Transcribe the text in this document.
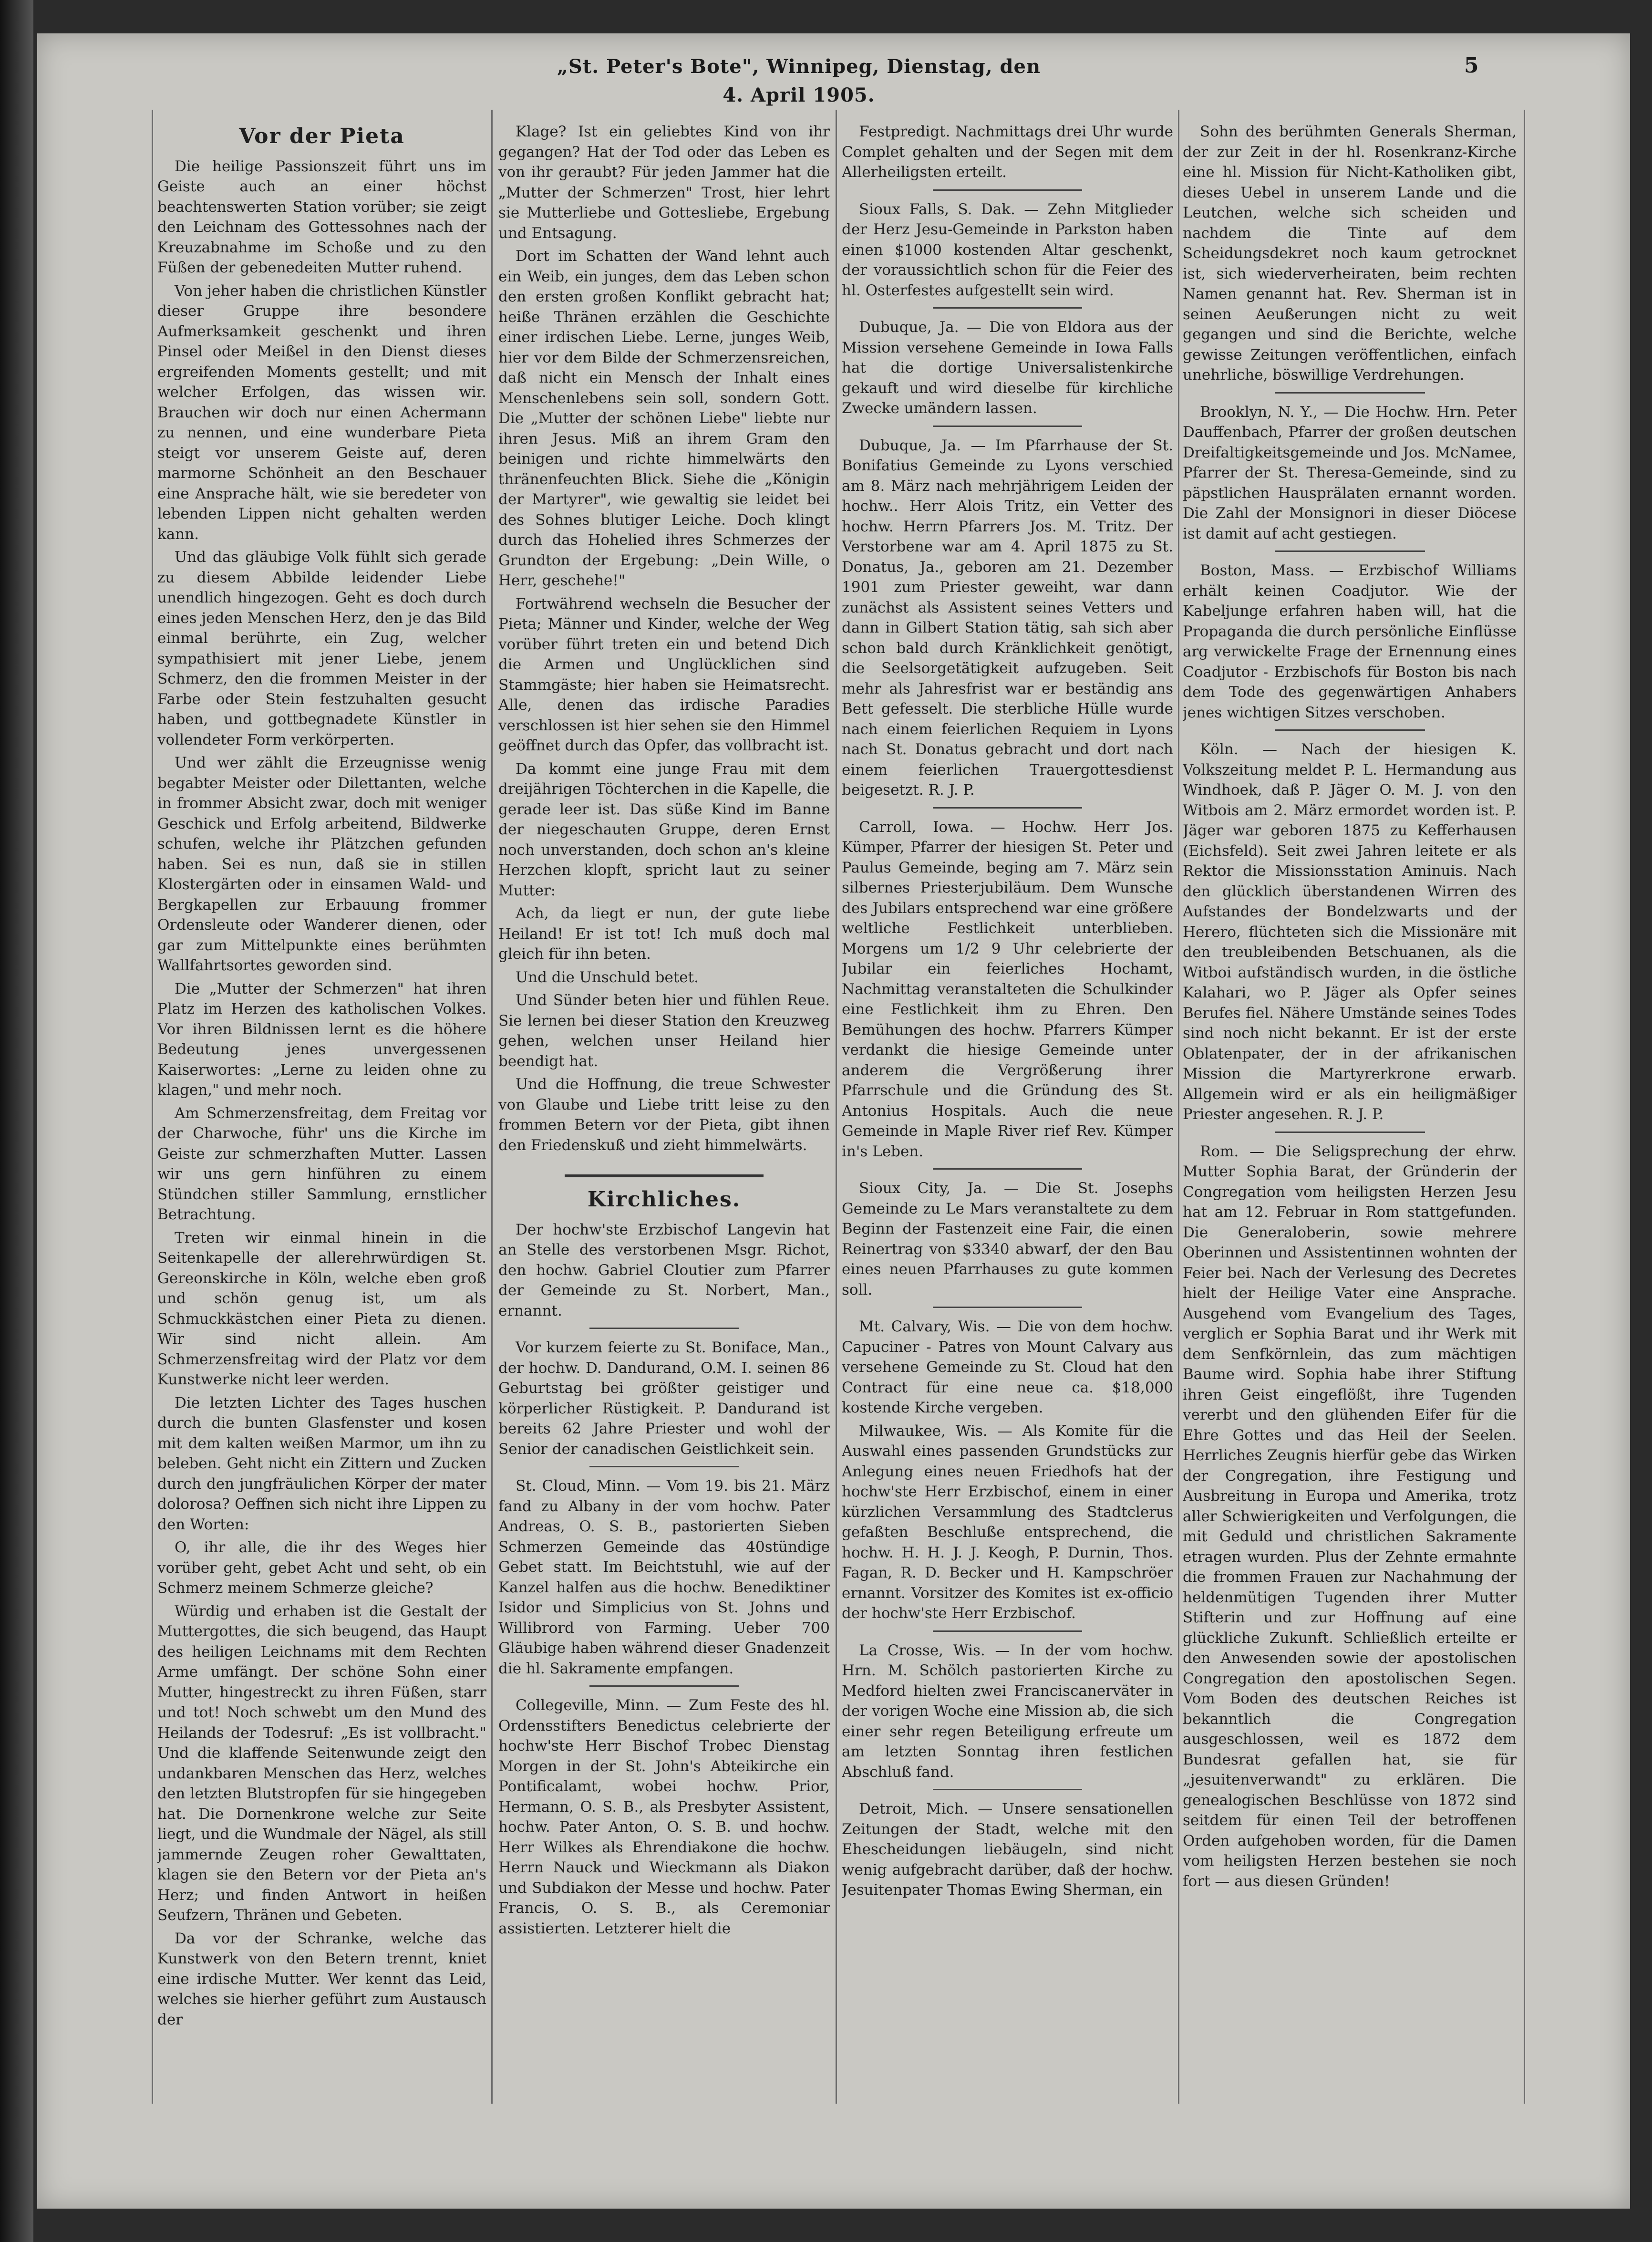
„St. Peter's Bote", Winnipeg, Dienstag, den 4. April 1905.
5
Vor der Pieta

Die heilige Passionszeit führt uns im Geiste auch an einer höchst beachtenswerten Station vorüber; sie zeigt den Leichnam des Gottessohnes nach der Kreuzabnahme im Schoße und zu den Füßen der gebenedeiten Mutter ruhend.

Von jeher haben die christlichen Künstler dieser Gruppe ihre besondere Aufmerksamkeit geschenkt und ihren Pinsel oder Meißel in den Dienst dieses ergreifenden Moments gestellt; und mit welcher Erfolgen, das wissen wir. Brauchen wir doch nur einen Achermann zu nennen, und eine wunderbare Pieta steigt vor unserem Geiste auf, deren marmorne Schönheit an den Beschauer eine Ansprache hält, wie sie beredeter von lebenden Lippen nicht gehalten werden kann.

Und das gläubige Volk fühlt sich gerade zu diesem Abbilde leidender Liebe unendlich hingezogen. Geht es doch durch eines jeden Menschen Herz, den je das Bild einmal berührte, ein Zug, welcher sympathisiert mit jener Liebe, jenem Schmerz, den die frommen Meister in der Farbe oder Stein festzuhalten gesucht haben, und gottbegnadete Künstler in vollendeter Form verkörperten.

Und wer zählt die Erzeugnisse wenig begabter Meister oder Dilettanten, welche in frommer Absicht zwar, doch mit weniger Geschick und Erfolg arbeitend, Bildwerke schufen, welche ihr Plätzchen gefunden haben. Sei es nun, daß sie in stillen Klostergärten oder in einsamen Wald- und Bergkapellen zur Erbauung frommer Ordensleute oder Wanderer dienen, oder gar zum Mittelpunkte eines berühmten Wallfahrtsortes geworden sind.

Die „Mutter der Schmerzen" hat ihren Platz im Herzen des katholischen Volkes. Vor ihren Bildnissen lernt es die höhere Bedeutung jenes unvergessenen Kaiserwortes: „Lerne zu leiden ohne zu klagen," und mehr noch.

Am Schmerzensfreitag, dem Freitag vor der Charwoche, führ' uns die Kirche im Geiste zur schmerzhaften Mutter. Lassen wir uns gern hinführen zu einem Stündchen stiller Sammlung, ernstlicher Betrachtung.

Treten wir einmal hinein in die Seitenkapelle der allerehrwürdigen St. Gereonskirche in Köln, welche eben groß und schön genug ist, um als Schmuckkästchen einer Pieta zu dienen. Wir sind nicht allein. Am Schmerzensfreitag wird der Platz vor dem Kunstwerke nicht leer werden.

Die letzten Lichter des Tages huschen durch die bunten Glasfenster und kosen mit dem kalten weißen Marmor, um ihn zu beleben. Geht nicht ein Zittern und Zucken durch den jungfräulichen Körper der mater dolorosa? Oeffnen sich nicht ihre Lippen zu den Worten:

O, ihr alle, die ihr des Weges hier vorüber geht, gebet Acht und seht, ob ein Schmerz meinem Schmerze gleiche?

Würdig und erhaben ist die Gestalt der Muttergottes, die sich beugend, das Haupt des heiligen Leichnams mit dem Rechten Arme umfängt. Der schöne Sohn einer Mutter, hingestreckt zu ihren Füßen, starr und tot! Noch schwebt um den Mund des Heilands der Todesruf: „Es ist vollbracht." Und die klaffende Seitenwunde zeigt den undankbaren Menschen das Herz, welches den letzten Blutstropfen für sie hingegeben hat. Die Dornenkrone welche zur Seite liegt, und die Wundmale der Nägel, als still jammernde Zeugen roher Gewalttaten, klagen sie den Betern vor der Pieta an's Herz; und finden Antwort in heißen Seufzern, Thränen und Gebeten.

Da vor der Schranke, welche das Kunstwerk von den Betern trennt, kniet eine irdische Mutter. Wer kennt das Leid, welches sie hierher geführt zum Austausch der

Klage? Ist ein geliebtes Kind von ihr gegangen? Hat der Tod oder das Leben es von ihr geraubt? Für jeden Jammer hat die „Mutter der Schmerzen" Trost, hier lehrt sie Mutterliebe und Gottesliebe, Ergebung und Entsagung.

Dort im Schatten der Wand lehnt auch ein Weib, ein junges, dem das Leben schon den ersten großen Konflikt gebracht hat; heiße Thränen erzählen die Geschichte einer irdischen Liebe. Lerne, junges Weib, hier vor dem Bilde der Schmerzensreichen, daß nicht ein Mensch der Inhalt eines Menschenlebens sein soll, sondern Gott. Die „Mutter der schönen Liebe" liebte nur ihren Jesus. Miß an ihrem Gram den beinigen und richte himmelwärts den thränenfeuchten Blick. Siehe die „Königin der Martyrer", wie gewaltig sie leidet bei des Sohnes blutiger Leiche. Doch klingt durch das Hohelied ihres Schmerzes der Grundton der Ergebung: „Dein Wille, o Herr, geschehe!"

Fortwährend wechseln die Besucher der Pieta; Männer und Kinder, welche der Weg vorüber führt treten ein und betend Dich die Armen und Unglücklichen sind Stammgäste; hier haben sie Heimatsrecht. Alle, denen das irdische Paradies verschlossen ist hier sehen sie den Himmel geöffnet durch das Opfer, das vollbracht ist.

Da kommt eine junge Frau mit dem dreijährigen Töchterchen in die Kapelle, die gerade leer ist. Das süße Kind im Banne der niegeschauten Gruppe, deren Ernst noch unverstanden, doch schon an's kleine Herzchen klopft, spricht laut zu seiner Mutter:

Ach, da liegt er nun, der gute liebe Heiland! Er ist tot! Ich muß doch mal gleich für ihn beten.

Und die Unschuld betet.

Und Sünder beten hier und fühlen Reue. Sie lernen bei dieser Station den Kreuzweg gehen, welchen unser Heiland hier beendigt hat.

Und die Hoffnung, die treue Schwester von Glaube und Liebe tritt leise zu den frommen Betern vor der Pieta, gibt ihnen den Friedenskuß und zieht himmelwärts.

Kirchliches.

Der hochw'ste Erzbischof Langevin hat an Stelle des verstorbenen Msgr. Richot, den hochw. Gabriel Cloutier zum Pfarrer der Gemeinde zu St. Norbert, Man., ernannt.

Vor kurzem feierte zu St. Boniface, Man., der hochw. D. Dandurand, O.M. I. seinen 86 Geburtstag bei größter geistiger und körperlicher Rüstigkeit. P. Dandurand ist bereits 62 Jahre Priester und wohl der Senior der canadischen Geistlichkeit sein.

St. Cloud, Minn. — Vom 19. bis 21. März fand zu Albany in der vom hochw. Pater Andreas, O. S. B., pastorierten Sieben Schmerzen Gemeinde das 40stündige Gebet statt. Im Beichtstuhl, wie auf der Kanzel halfen aus die hochw. Benediktiner Isidor und Simplicius von St. Johns und Willibrord von Farming. Ueber 700 Gläubige haben während dieser Gnadenzeit die hl. Sakramente empfangen.

Collegeville, Minn. — Zum Feste des hl. Ordensstifters Benedictus celebrierte der hochw'ste Herr Bischof Trobec Dienstag Morgen in der St. John's Abteikirche ein Pontificalamt, wobei hochw. Prior, Hermann, O. S. B., als Presbyter Assistent, hochw. Pater Anton, O. S. B. und hochw. Herr Wilkes als Ehrendiakone die hochw. Herrn Nauck und Wieckmann als Diakon und Subdiakon der Messe und hochw. Pater Francis, O. S. B., als Ceremoniar assistierten. Letzterer hielt die

Festpredigt. Nachmittags drei Uhr wurde Complet gehalten und der Segen mit dem Allerheiligsten erteilt.

Sioux Falls, S. Dak. — Zehn Mitglieder der Herz Jesu-Gemeinde in Parkston haben einen $1000 kostenden Altar geschenkt, der voraussichtlich schon für die Feier des hl. Osterfestes aufgestellt sein wird.

Dubuque, Ja. — Die von Eldora aus der Mission versehene Gemeinde in Iowa Falls hat die dortige Universalistenkirche gekauft und wird dieselbe für kirchliche Zwecke umändern lassen.

Dubuque, Ja. — Im Pfarrhause der St. Bonifatius Gemeinde zu Lyons verschied am 8. März nach mehrjährigem Leiden der hochw.. Herr Alois Tritz, ein Vetter des hochw. Herrn Pfarrers Jos. M. Tritz. Der Verstorbene war am 4. April 1875 zu St. Donatus, Ja., geboren am 21. Dezember 1901 zum Priester geweiht, war dann zunächst als Assistent seines Vetters und dann in Gilbert Station tätig, sah sich aber schon bald durch Kränklichkeit genötigt, die Seelsorgetätigkeit aufzugeben. Seit mehr als Jahresfrist war er beständig ans Bett gefesselt. Die sterbliche Hülle wurde nach einem feierlichen Requiem in Lyons nach St. Donatus gebracht und dort nach einem feierlichen Trauergottesdienst beigesetzt. R. J. P.

Carroll, Iowa. — Hochw. Herr Jos. Kümper, Pfarrer der hiesigen St. Peter und Paulus Gemeinde, beging am 7. März sein silbernes Priesterjubiläum. Dem Wunsche des Jubilars entsprechend war eine größere weltliche Festlichkeit unterblieben. Morgens um 1/2 9 Uhr celebrierte der Jubilar ein feierliches Hochamt, Nachmittag veranstalteten die Schulkinder eine Festlichkeit ihm zu Ehren. Den Bemühungen des hochw. Pfarrers Kümper verdankt die hiesige Gemeinde unter anderem die Vergrößerung ihrer Pfarrschule und die Gründung des St. Antonius Hospitals. Auch die neue Gemeinde in Maple River rief Rev. Kümper in's Leben.

Sioux City, Ja. — Die St. Josephs Gemeinde zu Le Mars veranstaltete zu dem Beginn der Fastenzeit eine Fair, die einen Reinertrag von $3340 abwarf, der den Bau eines neuen Pfarrhauses zu gute kommen soll.

Mt. Calvary, Wis. — Die von dem hochw. Capuciner - Patres von Mount Calvary aus versehene Gemeinde zu St. Cloud hat den Contract für eine neue ca. $18,000 kostende Kirche vergeben.

Milwaukee, Wis. — Als Komite für die Auswahl eines passenden Grundstücks zur Anlegung eines neuen Friedhofs hat der hochw'ste Herr Erzbischof, einem in einer kürzlichen Versammlung des Stadtclerus gefaßten Beschluße entsprechend, die hochw. H. H. J. J. Keogh, P. Durnin, Thos. Fagan, R. D. Becker und H. Kampschröer ernannt. Vorsitzer des Komites ist ex-officio der hochw'ste Herr Erzbischof.

La Crosse, Wis. — In der vom hochw. Hrn. M. Schölch pastorierten Kirche zu Medford hielten zwei Franciscanerväter in der vorigen Woche eine Mission ab, die sich einer sehr regen Beteiligung erfreute um am letzten Sonntag ihren festlichen Abschluß fand.

Detroit, Mich. — Unsere sensationellen Zeitungen der Stadt, welche mit den Ehescheidungen liebäugeln, sind nicht wenig aufgebracht darüber, daß der hochw. Jesuitenpater Thomas Ewing Sherman, ein

Sohn des berühmten Generals Sherman, der zur Zeit in der hl. Rosenkranz-Kirche eine hl. Mission für Nicht-Katholiken gibt, dieses Uebel in unserem Lande und die Leutchen, welche sich scheiden und nachdem die Tinte auf dem Scheidungsdekret noch kaum getrocknet ist, sich wiederverheiraten, beim rechten Namen genannt hat. Rev. Sherman ist in seinen Aeußerungen nicht zu weit gegangen und sind die Berichte, welche gewisse Zeitungen veröffentlichen, einfach unehrliche, böswillige Verdrehungen.

Brooklyn, N. Y., — Die Hochw. Hrn. Peter Dauffenbach, Pfarrer der großen deutschen Dreifaltigkeitsgemeinde und Jos. McNamee, Pfarrer der St. Theresa-Gemeinde, sind zu päpstlichen Hausprälaten ernannt worden. Die Zahl der Monsignori in dieser Diöcese ist damit auf acht gestiegen.

Boston, Mass. — Erzbischof Williams erhält keinen Coadjutor. Wie der Kabeljunge erfahren haben will, hat die Propaganda die durch persönliche Einflüsse arg verwickelte Frage der Ernennung eines Coadjutor - Erzbischofs für Boston bis nach dem Tode des gegenwärtigen Anhabers jenes wichtigen Sitzes verschoben.

Köln. — Nach der hiesigen K. Volkszeitung meldet P. L. Hermandung aus Windhoek, daß P. Jäger O. M. J. von den Witbois am 2. März ermordet worden ist. P. Jäger war geboren 1875 zu Kefferhausen (Eichsfeld). Seit zwei Jahren leitete er als Rektor die Missionsstation Aminuis. Nach den glücklich überstandenen Wirren des Aufstandes der Bondelzwarts und der Herero, flüchteten sich die Missionäre mit den treubleibenden Betschuanen, als die Witboi aufständisch wurden, in die östliche Kalahari, wo P. Jäger als Opfer seines Berufes fiel. Nähere Umstände seines Todes sind noch nicht bekannt. Er ist der erste Oblatenpater, der in der afrikanischen Mission die Martyrerkrone erwarb. Allgemein wird er als ein heiligmäßiger Priester angesehen. R. J. P.

Rom. — Die Seligsprechung der ehrw. Mutter Sophia Barat, der Gründerin der Congregation vom heiligsten Herzen Jesu hat am 12. Februar in Rom stattgefunden. Die Generaloberin, sowie mehrere Oberinnen und Assistentinnen wohnten der Feier bei. Nach der Verlesung des Decretes hielt der Heilige Vater eine Ansprache. Ausgehend vom Evangelium des Tages, verglich er Sophia Barat und ihr Werk mit dem Senfkörnlein, das zum mächtigen Baume wird. Sophia habe ihrer Stiftung ihren Geist eingeflößt, ihre Tugenden vererbt und den glühenden Eifer für die Ehre Gottes und das Heil der Seelen. Herrliches Zeugnis hierfür gebe das Wirken der Congregation, ihre Festigung und Ausbreitung in Europa und Amerika, trotz aller Schwierigkeiten und Verfolgungen, die mit Geduld und christlichen Sakramente etragen wurden. Plus der Zehnte ermahnte die frommen Frauen zur Nachahmung der heldenmütigen Tugenden ihrer Mutter Stifterin und zur Hoffnung auf eine glückliche Zukunft. Schließlich erteilte er den Anwesenden sowie der apostolischen Congregation den apostolischen Segen. Vom Boden des deutschen Reiches ist bekanntlich die Congregation ausgeschlossen, weil es 1872 dem Bundesrat gefallen hat, sie für „jesuitenverwandt" zu erklären. Die genealogischen Beschlüsse von 1872 sind seitdem für einen Teil der betroffenen Orden aufgehoben worden, für die Damen vom heiligsten Herzen bestehen sie noch fort — aus diesen Gründen!
